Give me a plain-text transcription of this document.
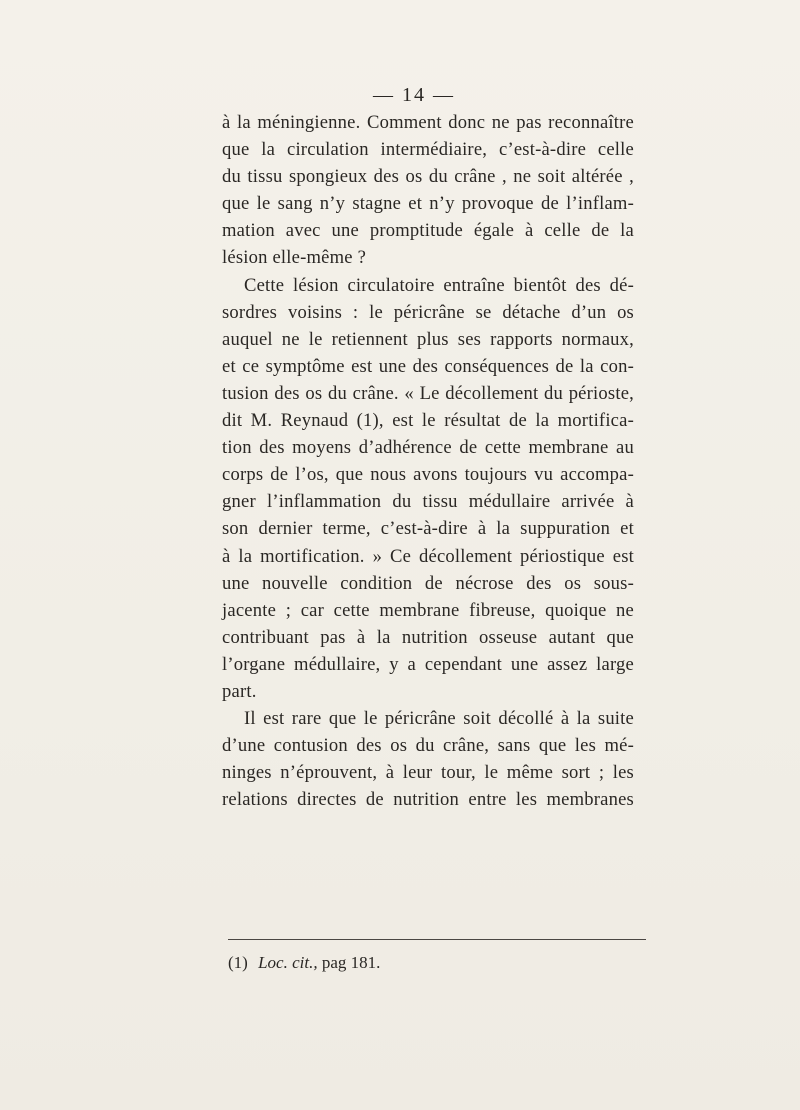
— 14 —
à la méningienne. Comment donc ne pas reconnaître
que la circulation intermédiaire, c’est-à-dire celle
du tissu spongieux des os du crâne , ne soit altérée ,
que le sang n’y stagne et n’y provoque de l’inflam-
mation avec une promptitude égale à celle de la
lésion elle-même ?
Cette lésion circulatoire entraîne bientôt des dé-
sordres voisins : le péricrâne se détache d’un os
auquel ne le retiennent plus ses rapports normaux,
et ce symptôme est une des conséquences de la con-
tusion des os du crâne. « Le décollement du périoste,
dit M. Reynaud (1), est le résultat de la mortifica-
tion des moyens d’adhérence de cette membrane au
corps de l’os, que nous avons toujours vu accompa-
gner l’inflammation du tissu médullaire arrivée à
son dernier terme, c’est-à-dire à la suppuration et
à la mortification. » Ce décollement périostique est
une nouvelle condition de nécrose des os sous-
jacente ; car cette membrane fibreuse, quoique ne
contribuant pas à la nutrition osseuse autant que
l’organe médullaire, y a cependant une assez large
part.
Il est rare que le péricrâne soit décollé à la suite
d’une contusion des os du crâne, sans que les mé-
ninges n’éprouvent, à leur tour, le même sort ; les
relations directes de nutrition entre les membranes
(1) Loc. cit., pag 181.
